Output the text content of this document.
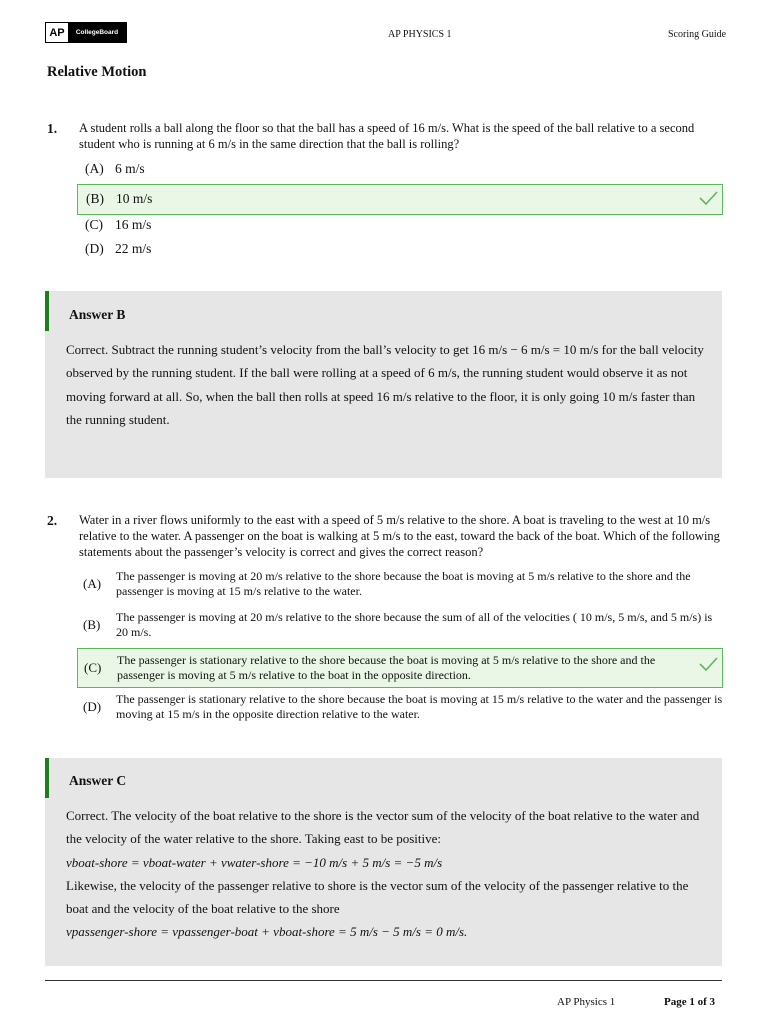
AP	CollegeBoard	AP PHYSICS 1	Scoring Guide
Relative Motion
1. A student rolls a ball along the floor so that the ball has a speed of 16 m/s. What is the speed of the ball relative to a second student who is running at 6 m/s in the same direction that the ball is rolling?
(A) 6 m/s
(B) 10 m/s
(C) 16 m/s
(D) 22 m/s
Answer B
Correct. Subtract the running student’s velocity from the ball’s velocity to get 16 m/s − 6 m/s = 10 m/s for the ball velocity observed by the running student. If the ball were rolling at a speed of 6 m/s, the running student would observe it as not moving forward at all. So, when the ball then rolls at speed 16 m/s relative to the floor, it is only going 10 m/s faster than the running student.
2. Water in a river flows uniformly to the east with a speed of 5 m/s relative to the shore. A boat is traveling to the west at 10 m/s relative to the water. A passenger on the boat is walking at 5 m/s to the east, toward the back of the boat. Which of the following statements about the passenger’s velocity is correct and gives the correct reason?
(A)
The passenger is moving at 20 m/s relative to the shore because the boat is moving at 5 m/s relative to the shore and the passenger is moving at 15 m/s relative to the water.
(B)
The passenger is moving at 20 m/s relative to the shore because the sum of all of the velocities ( 10 m/s, 5 m/s, and 5 m/s) is 20 m/s.
(C)
The passenger is stationary relative to the shore because the boat is moving at 5 m/s relative to the shore and the passenger is moving at 5 m/s relative to the boat in the opposite direction.
(D)
The passenger is stationary relative to the shore because the boat is moving at 15 m/s relative to the water and the passenger is moving at 15 m/s in the opposite direction relative to the water.
Answer C
Correct. The velocity of the boat relative to the shore is the vector sum of the velocity of the boat relative to the water and the velocity of the water relative to the shore. Taking east to be positive:
vboat-shore = vboat-water + vwater-shore = −10 m/s + 5 m/s = −5 m/s
Likewise, the velocity of the passenger relative to shore is the vector sum of the velocity of the passenger relative to the boat and the velocity of the boat relative to the shore
vpassenger-shore = vpassenger-boat + vboat-shore = 5 m/s − 5 m/s = 0 m/s.
AP Physics 1	Page 1 of 3
